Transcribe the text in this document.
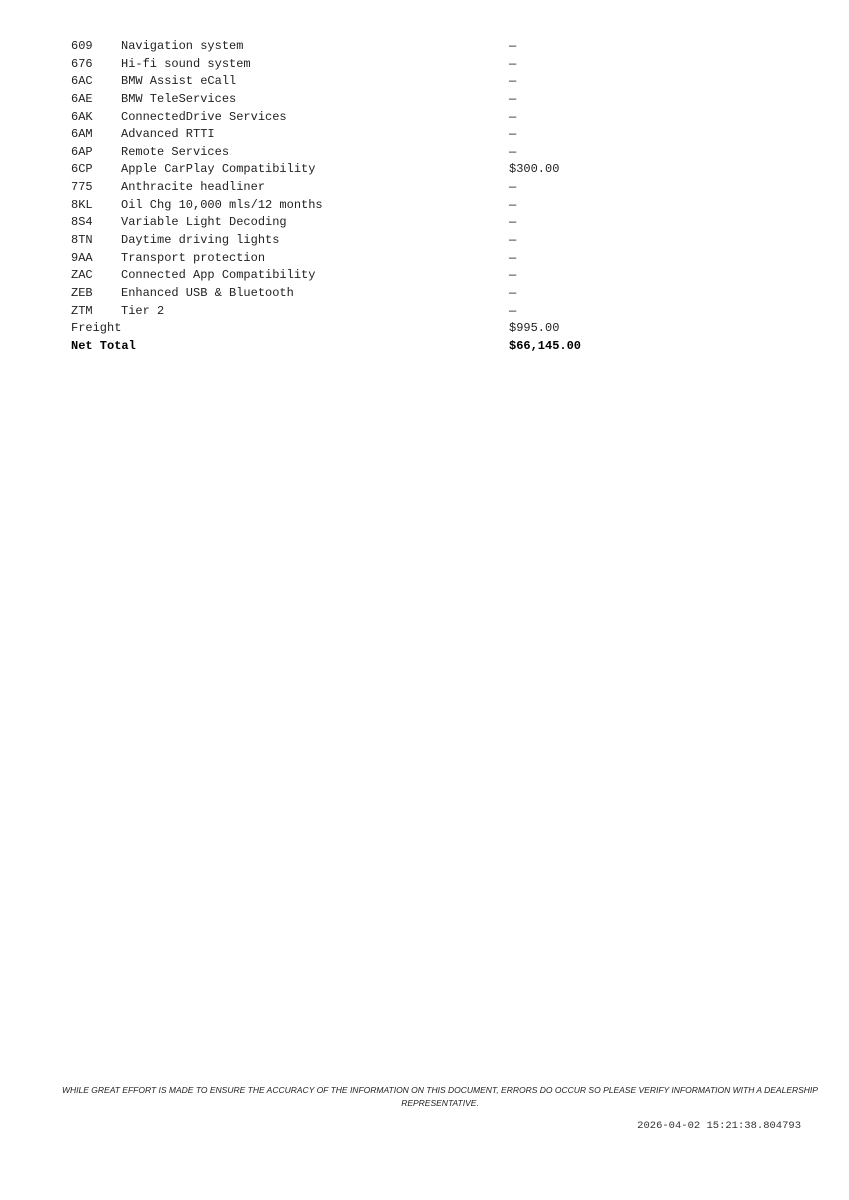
609	Navigation system	—
676	Hi-fi sound system	—
6AC	BMW Assist eCall	—
6AE	BMW TeleServices	—
6AK	ConnectedDrive Services	—
6AM	Advanced RTTI	—
6AP	Remote Services	—
6CP	Apple CarPlay Compatibility	$300.00
775	Anthracite headliner	—
8KL	Oil Chg 10,000 mls/12 months	—
8S4	Variable Light Decoding	—
8TN	Daytime driving lights	—
9AA	Transport protection	—
ZAC	Connected App Compatibility	—
ZEB	Enhanced USB & Bluetooth	—
ZTM	Tier 2	—
Freight	$995.00
Net Total	$66,145.00
WHILE GREAT EFFORT IS MADE TO ENSURE THE ACCURACY OF THE INFORMATION ON THIS DOCUMENT, ERRORS DO OCCUR SO PLEASE VERIFY INFORMATION WITH A DEALERSHIP REPRESENTATIVE.
2026-04-02 15:21:38.804793
